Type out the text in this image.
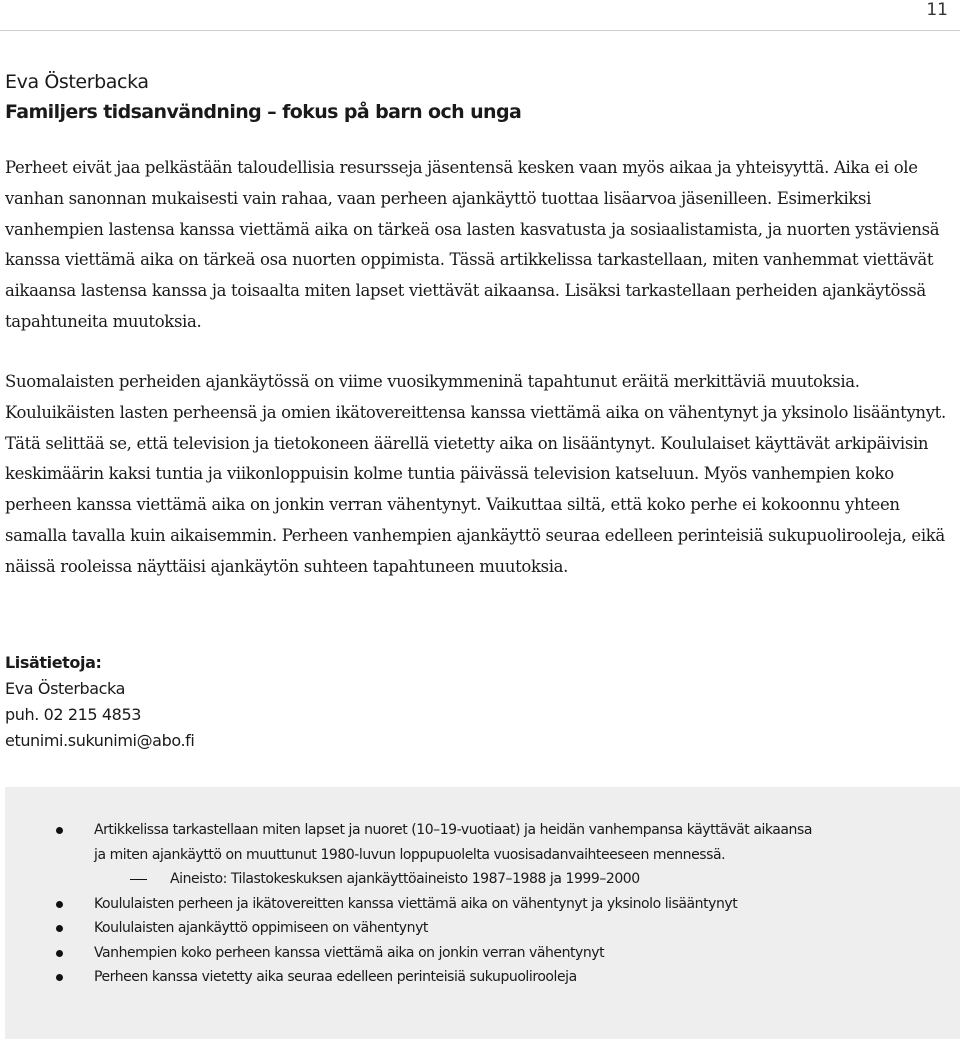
11
Eva Österbacka
Familjers tidsanvändning – fokus på barn och unga

Perheet eivät jaa pelkästään taloudellisia resursseja jäsentensä kesken vaan myös aikaa ja yhteisyyttä. Aika ei ole vanhan sanonnan mukaisesti vain rahaa, vaan perheen ajankäyttö tuottaa lisäarvoa jäsenilleen. Esimerkiksi vanhempien lastensa kanssa viettämä aika on tärkeä osa lasten kasvatusta ja sosiaalistamista, ja nuorten ystäviensä kanssa viettämä aika on tärkeä osa nuorten oppimista. Tässä artikkelissa tarkastellaan, miten vanhemmat viettävät aikaansa lastensa kanssa ja toisaalta miten lapset viettävät aikaansa. Lisäksi tarkastellaan perheiden ajankäytössä tapahtuneita muutoksia.

Suomalaisten perheiden ajankäytössä on viime vuosikymmeninä tapahtunut eräitä merkittäviä muutoksia. Kouluikäisten lasten perheensä ja omien ikätovereittensa kanssa viettämä aika on vähentynyt ja yksinolo lisääntynyt. Tätä selittää se, että television ja tietokoneen äärellä vietetty aika on lisääntynyt. Koululaiset käyttävät arkipäivisin keskimäärin kaksi tuntia ja viikonloppuisin kolme tuntia päivässä television katseluun. Myös vanhempien koko perheen kanssa viettämä aika on jonkin verran vähentynyt. Vaikuttaa siltä, että koko perhe ei kokoonnu yhteen samalla tavalla kuin aikaisemmin. Perheen vanhempien ajankäyttö seuraa edelleen perinteisiä sukupuolirooleja, eikä näissä rooleissa näyttäisi ajankäytön suhteen tapahtuneen muutoksia.

Lisätietoja:
Eva Österbacka
puh. 02 215 4853
etunimi.sukunimi@abo.fi
Artikkelissa tarkastellaan miten lapset ja nuoret (10–19-vuotiaat) ja heidän vanhempansa käyttävät aikaansa
ja miten ajankäyttö on muuttunut 1980-luvun loppupuolelta vuosisadanvaihteeseen mennessä.
Aineisto: Tilastokeskuksen ajankäyttöaineisto 1987–1988 ja 1999–2000
Koululaisten perheen ja ikätovereitten kanssa viettämä aika on vähentynyt ja yksinolo lisääntynyt
Koululaisten ajankäyttö oppimiseen on vähentynyt
Vanhempien koko perheen kanssa viettämä aika on jonkin verran vähentynyt
Perheen kanssa vietetty aika seuraa edelleen perinteisiä sukupuolirooleja
